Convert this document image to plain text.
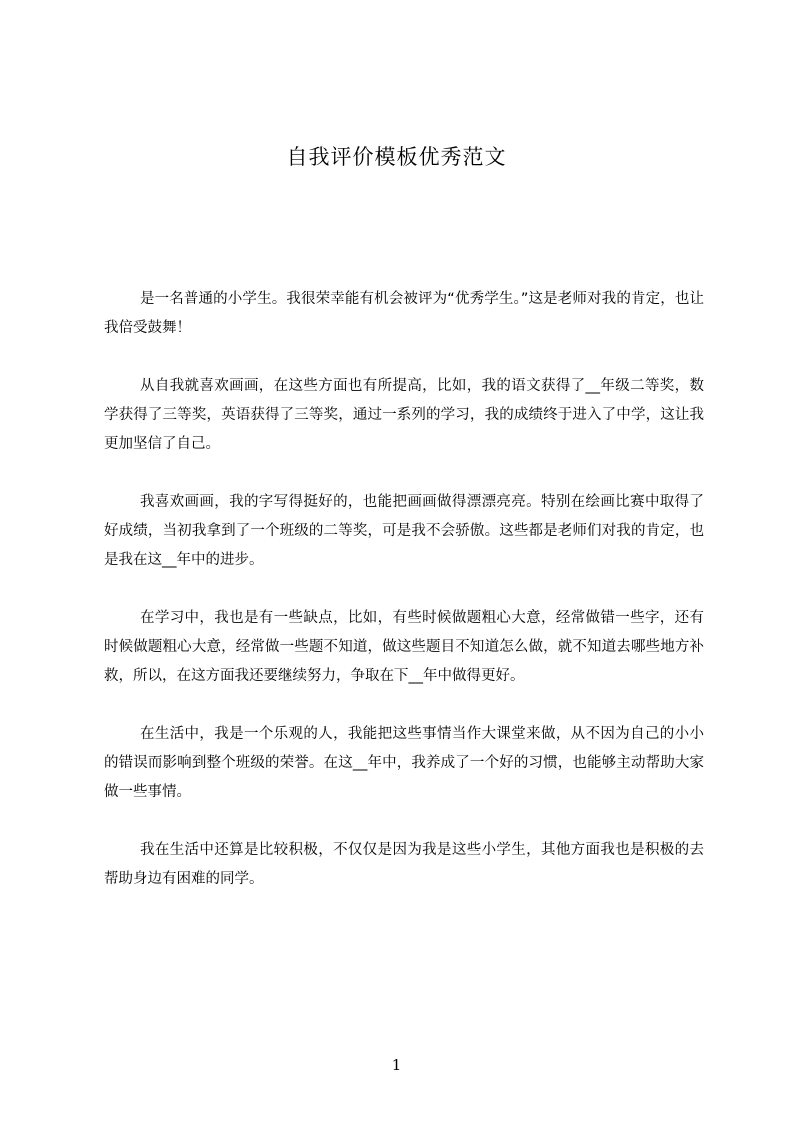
自我评价模板优秀范文

是一名普通的小学生。我很荣幸能有机会被评为“优秀学生。”这是老师对我的肯定，也让我倍受鼓舞！

从自我就喜欢画画，在这些方面也有所提高，比如，我的语文获得了__年级二等奖，数学获得了三等奖，英语获得了三等奖，通过一系列的学习，我的成绩终于进入了中学，这让我更加坚信了自己。

我喜欢画画，我的字写得挺好的，也能把画画做得漂漂亮亮。特别在绘画比赛中取得了好成绩，当初我拿到了一个班级的二等奖，可是我不会骄傲。这些都是老师们对我的肯定，也是我在这__年中的进步。

在学习中，我也是有一些缺点，比如，有些时候做题粗心大意，经常做错一些字，还有时候做题粗心大意，经常做一些题不知道，做这些题目不知道怎么做，就不知道去哪些地方补救，所以，在这方面我还要继续努力，争取在下__年中做得更好。

在生活中，我是一个乐观的人，我能把这些事情当作大课堂来做，从不因为自己的小小的错误而影响到整个班级的荣誉。在这__年中，我养成了一个好的习惯，也能够主动帮助大家做一些事情。

我在生活中还算是比较积极，不仅仅是因为我是这些小学生，其他方面我也是积极的去帮助身边有困难的同学。

1
